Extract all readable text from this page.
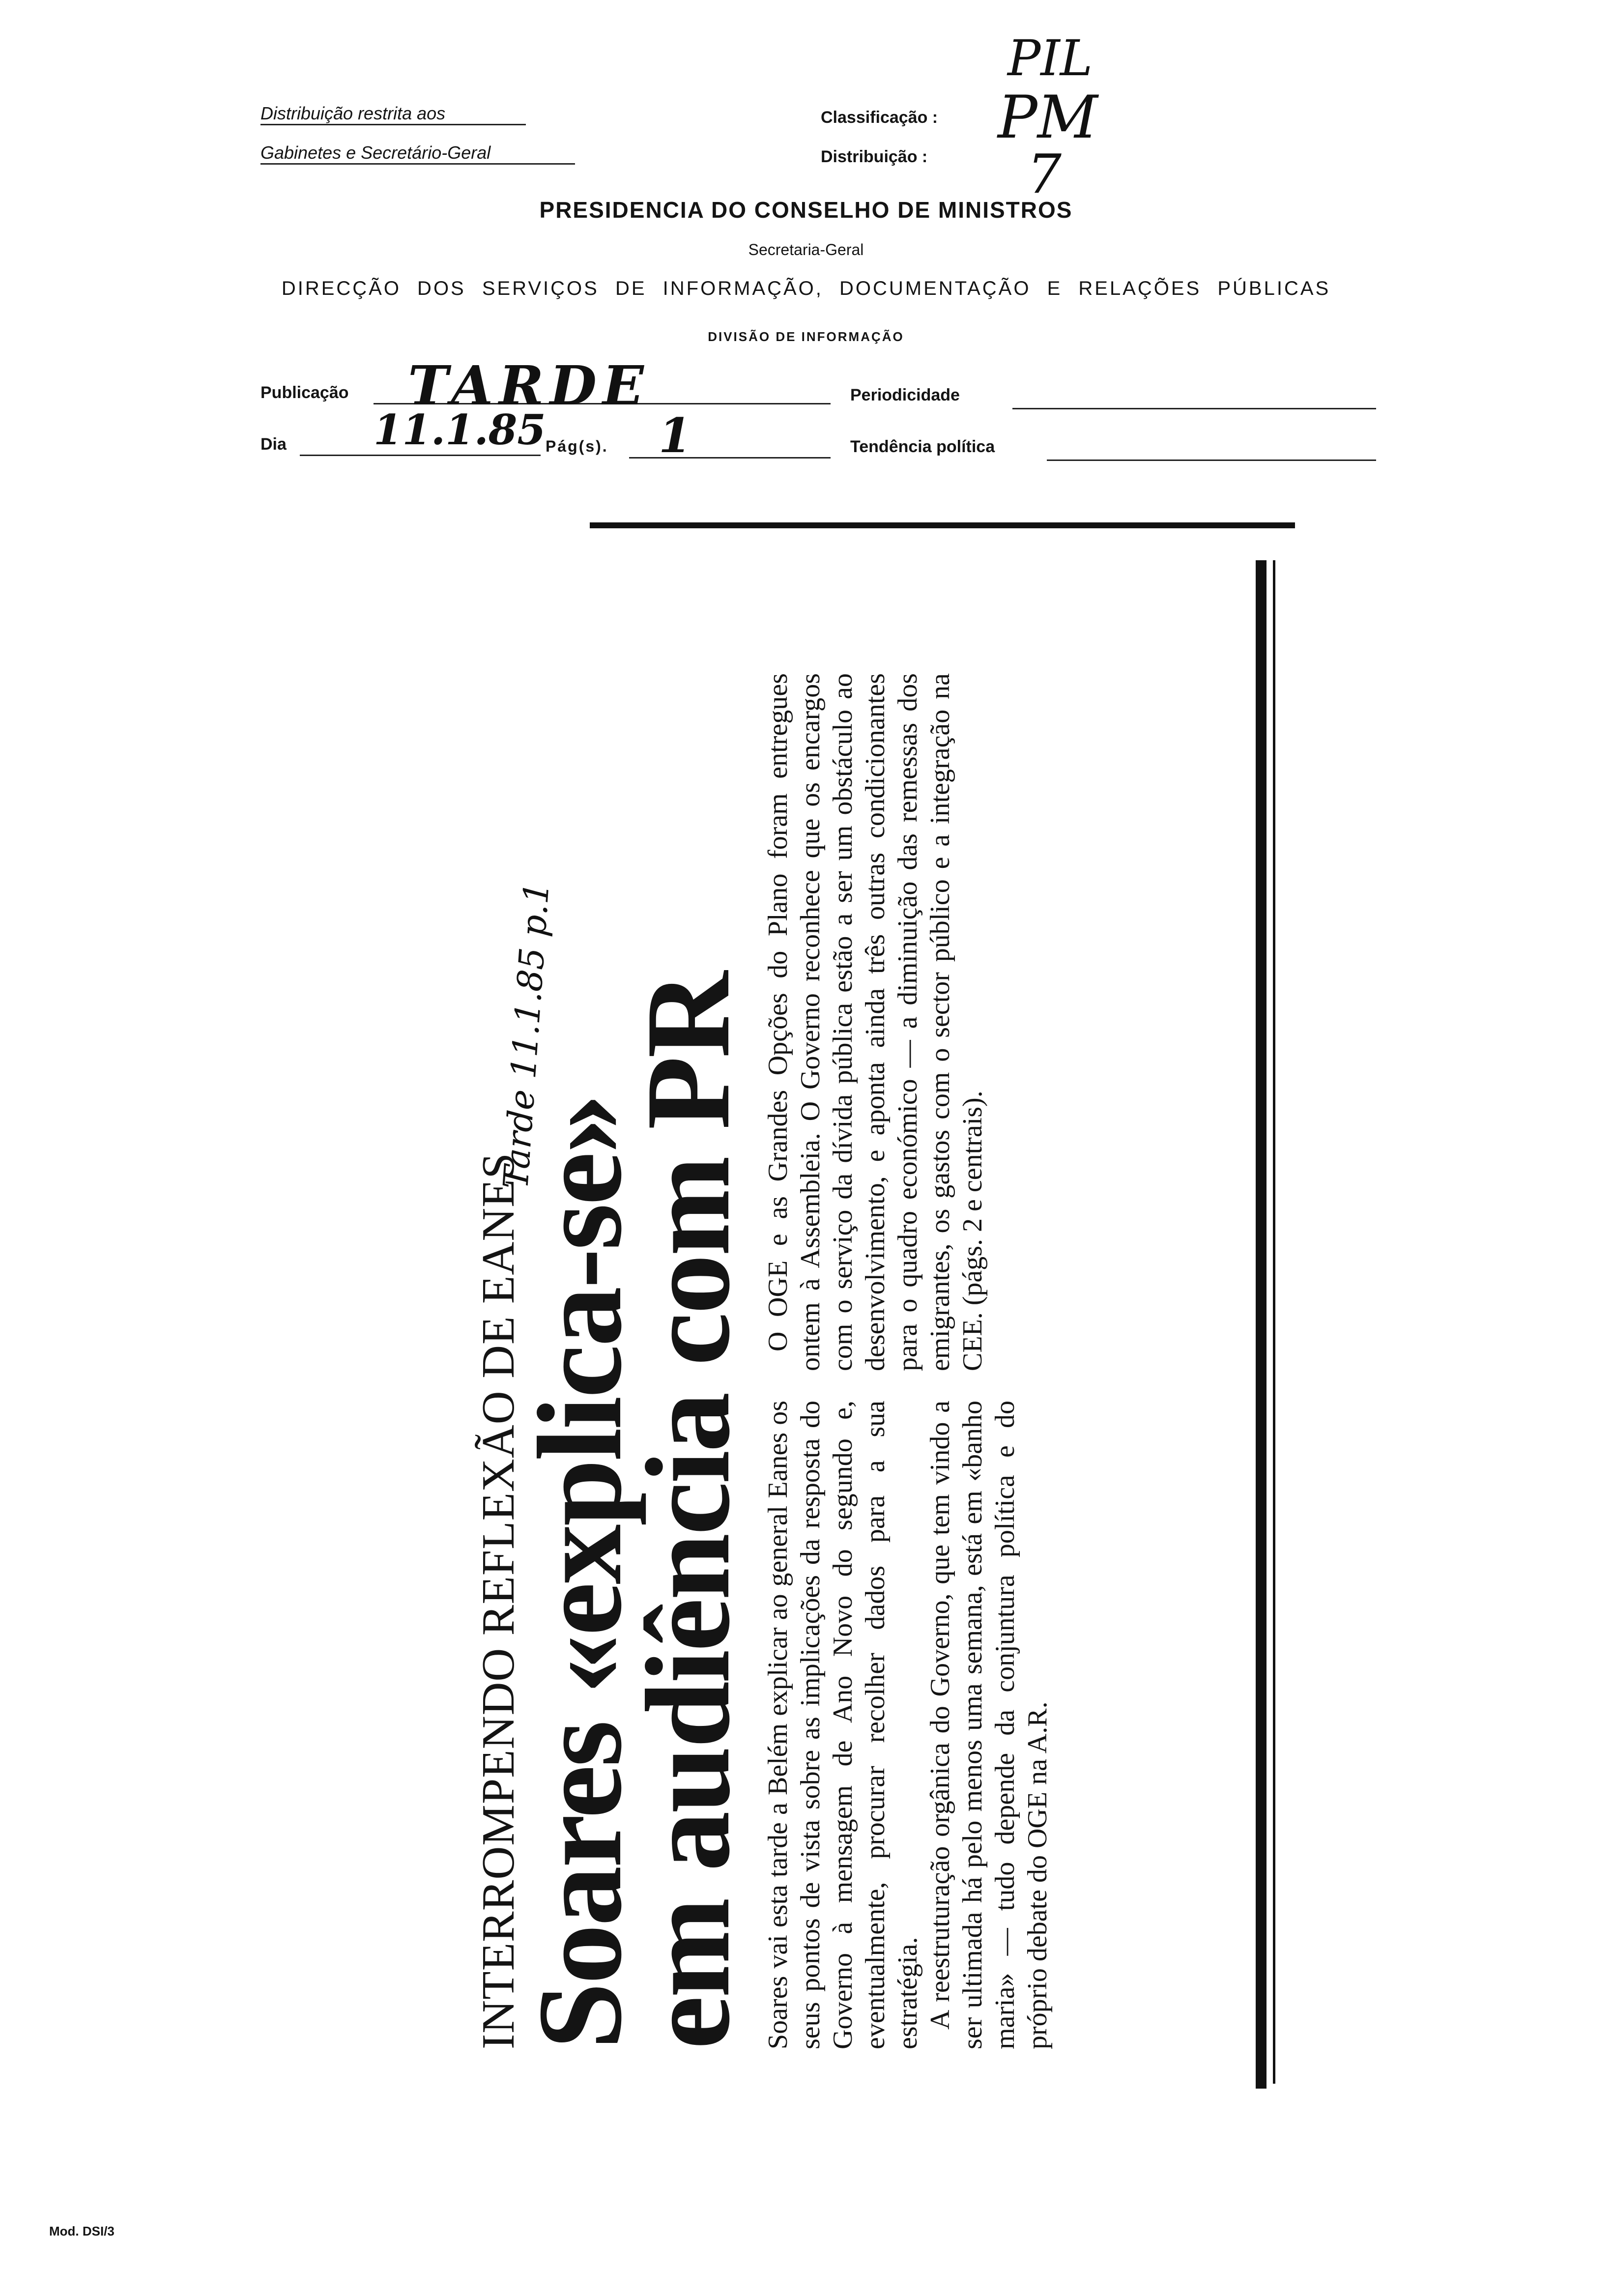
Distribuição restrita aos
Gabinetes e Secretário-Geral
Classificação :
Distribuição :
PIL
PM
7
PRESIDENCIA DO CONSELHO DE MINISTROS
Secretaria-Geral
DIRECÇÃO DOS SERVIÇOS DE INFORMAÇÃO, DOCUMENTAÇÃO E RELAÇÕES PÚBLICAS
DIVISÃO DE INFORMAÇÃO
Publicação TARDE	Periodicidade
Dia 11.1.85 Pág(s). 1	Tendência política
INTERROMPENDO REFLEXÃO DE EANES
Tarde 11.1.85 p.1
Soares «explica-se»
em audiência com PR Soares vai esta tarde a Belém explicar ao general Eanes os seus pontos de vista sobre as implicações da resposta do Governo à mensagem de Ano Novo do segundo e, eventualmente, procurar recolher dados para a sua estratégia. A reestruturação orgânica do Governo, que tem vindo a ser ultimada há pelo menos uma semana, está em «banho maria» — tudo depende da conjuntura política e do próprio debate do OGE na A.R.

O OGE e as Grandes Opções do Plano foram entregues ontem à Assembleia. O Governo reconhece que os encargos com o serviço da dívida pública estão a ser um obstáculo ao desenvolvimento, e aponta ainda três outras condicionantes para o quadro económico — a diminuição das remessas dos emigrantes, os gastos com o sector público e a integração na CEE. (págs. 2 e centrais).

Mod. DSI/3
